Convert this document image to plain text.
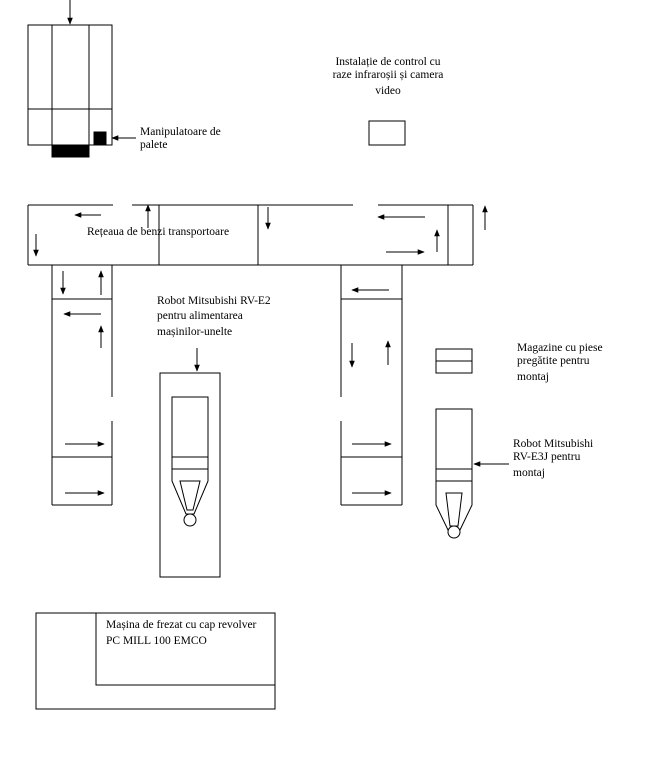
Manipulatoare de
palete
Instalație de control cu
raze infraroșii și camera
video
Rețeaua de benzi transportoare
Robot Mitsubishi RV-E2
pentru alimentarea
mașinilor-unelte
Magazine cu piese
pregătite pentru
montaj
Robot Mitsubishi
RV-E3J pentru
montaj
Mașina de frezat cu cap revolver
PC MILL 100 EMCO
